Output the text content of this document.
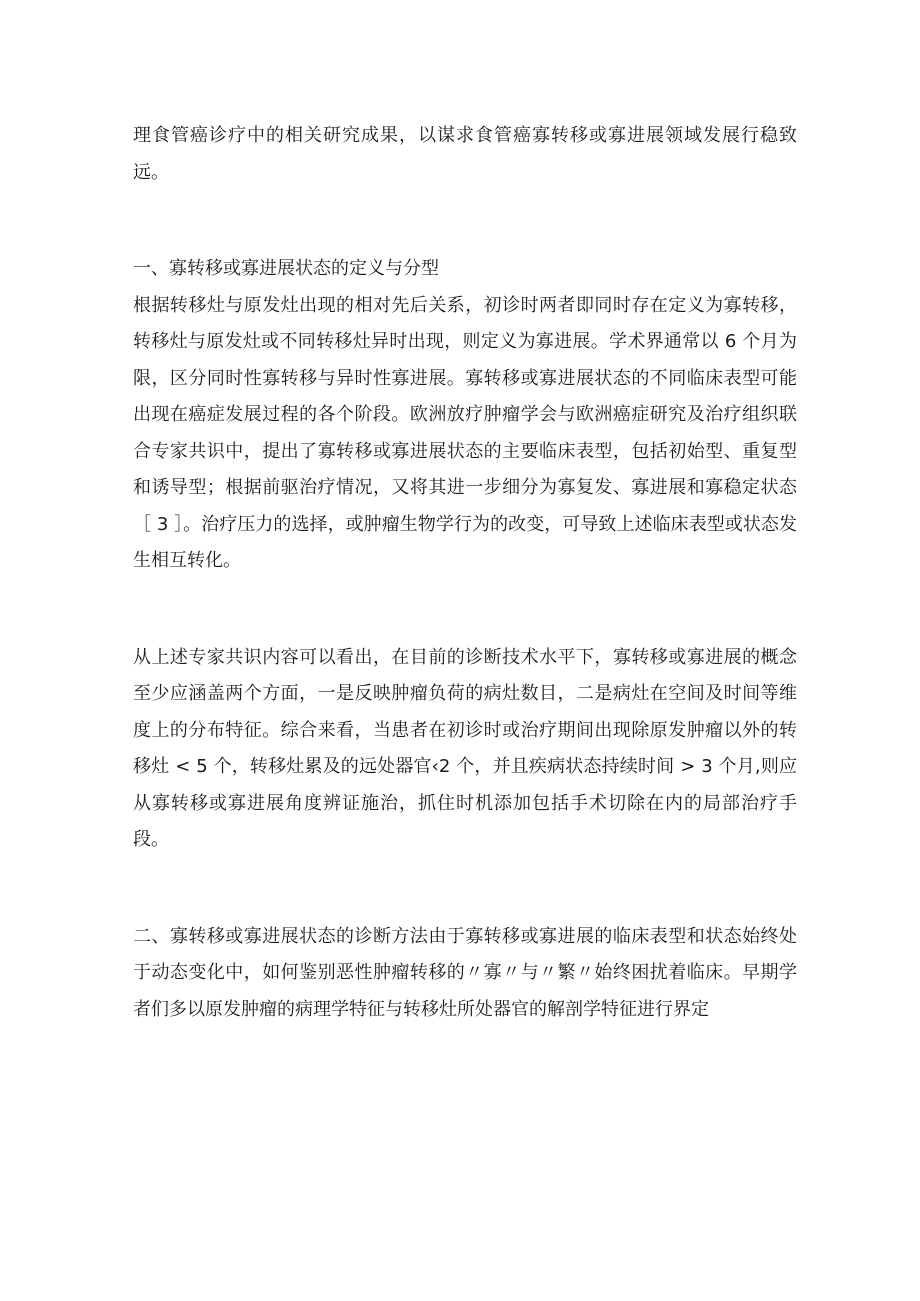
理食管癌诊疗中的相关研究成果，以谋求食管癌寡转移或寡进展领域发展行稳致远。

一、寡转移或寡进展状态的定义与分型

根据转移灶与原发灶出现的相对先后关系，初诊时两者即同时存在定义为寡转移，转移灶与原发灶或不同转移灶异时出现，则定义为寡进展。学术界通常以 6 个月为限，区分同时性寡转移与异时性寡进展。寡转移或寡进展状态的不同临床表型可能出现在癌症发展过程的各个阶段。欧洲放疗肿瘤学会与欧洲癌症研究及治疗组织联合专家共识中，提出了寡转移或寡进展状态的主要临床表型，包括初始型、重复型和诱导型；根据前驱治疗情况，又将其进一步细分为寡复发、寡进展和寡稳定状态［ 3 ］。治疗压力的选择，或肿瘤生物学行为的改变，可导致上述临床表型或状态发生相互转化。

从上述专家共识内容可以看出，在目前的诊断技术水平下，寡转移或寡进展的概念至少应涵盖两个方面，一是反映肿瘤负荷的病灶数目，二是病灶在空间及时间等维度上的分布特征。综合来看，当患者在初诊时或治疗期间出现除原发肿瘤以外的转移灶 < 5 个，转移灶累及的远处器官‹2 个，并且疾病状态持续时间 > 3 个月,则应从寡转移或寡进展角度辨证施治，抓住时机添加包括手术切除在内的局部治疗手段。

二、寡转移或寡进展状态的诊断方法由于寡转移或寡进展的临床表型和状态始终处于动态变化中，如何鉴别恶性肿瘤转移的〃寡〃与〃繁〃始终困扰着临床。早期学者们多以原发肿瘤的病理学特征与转移灶所处器官的解剖学特征进行界定
